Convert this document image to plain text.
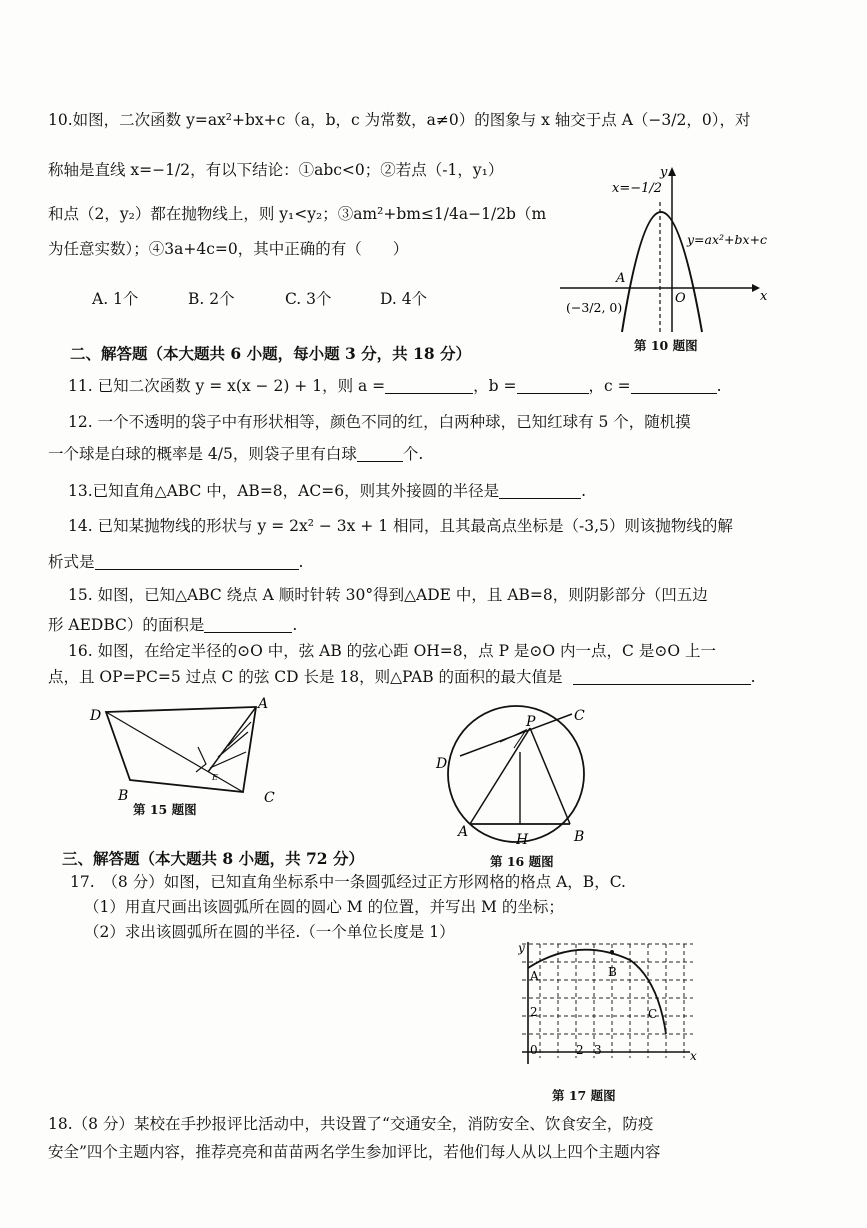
10.如图，二次函数 y=ax²+bx+c（a，b，c 为常数，a≠0）的图象与 x 轴交于点 A（−3/2，0），对
称轴是直线 x=−1/2，有以下结论：①abc<0；②若点（-1，y₁）
和点（2，y₂）都在抛物线上，则 y₁<y₂；③am²+bm≤1/4a−1/2b（m
为任意实数）；④3a+4c=0，其中正确的有（　　）
A. 1个	B. 2个	C. 3个	D. 4个
x=−1/2
y=ax²+bx+c
A
(−3/2, 0)
O	x
y
第 10 题图
二、解答题（本大题共 6 小题，每小题 3 分，共 18 分）
11. 已知二次函数 y = x(x − 2) + 1，则 a =	，b =	，c =	.
12. 一个不透明的袋子中有形状相等，颜色不同的红，白两种球，已知红球有 5 个，随机摸
一个球是白球的概率是 4/5，则袋子里有白球	个.
13.已知直角△ABC 中，AB=8，AC=6，则其外接圆的半径是	.
14. 已知某抛物线的形状与 y = 2x² − 3x + 1 相同，且其最高点坐标是（-3,5）则该抛物线的解
析式是	.
15. 如图，已知△ABC 绕点 A 顺时针转 30°得到△ADE 中，且 AB=8，则阴影部分（凹五边
形 AEDBC）的面积是	.
16. 如图，在给定半径的⊙O 中，弦 AB 的弦心距 OH=8，点 P 是⊙O 内一点，C 是⊙O 上一
点，且 OP=PC=5 过点 C 的弦 CD 长是 18，则△PAB 的面积的最大值是	.
D
A
B	C
E
第 15 题图
P	C
D
A	H	B
第 16 题图
三、解答题（本大题共 8 小题，共 72 分）
17.　（8 分）如图，已知直角坐标系中一条圆弧经过正方形网格的格点 A，B，C.
（1）用直尺画出该圆弧所在圆的圆心 M 的位置，并写出 M 的坐标；
（2）求出该圆弧所在圆的半径.（一个单位长度是 1）
y
x
A	B
C
0	2 3
2
第 17 题图
18.（8 分）某校在手抄报评比活动中，共设置了“交通安全，消防安全、饮食安全，防疫
安全”四个主题内容，推荐亮亮和苗苗两名学生参加评比，若他们每人从以上四个主题内容
